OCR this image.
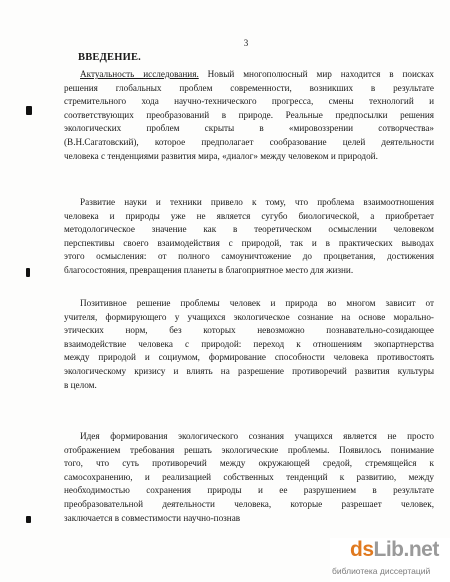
3
ВВЕДЕНИЕ.
Актуальность исследования. Новый многополюсный мир находится в поисках
решения глобальных проблем современности, возникших в результате
стремительного хода научно-технического прогресса, смены технологий и
соответствующих преобразований в природе. Реальные предпосылки решения
экологических проблем скрыты в «мировоззрении сотворчества»
(В.Н.Сагатовский), которое предполагает сообразование целей деятельности
человека с тенденциями развития мира, «диалог» между человеком и природой.
Развитие науки и техники привело к тому, что проблема взаимоотношения
человека и природы уже не является сугубо биологической, а приобретает
методологическое значение как в теоретическом осмыслении человеком
перспективы своего взаимодействия с природой, так и в практических выводах
этого осмысления: от полного самоуничтожение до процветания, достижения
благосостояния, превращения планеты в благоприятное место для жизни.
Позитивное решение проблемы человек и природа во многом зависит от
учителя, формирующего у учащихся экологическое сознание на основе морально-
этических норм, без которых невозможно познавательно-созидающее
взаимодействие человека с природой: переход к отношениям экопартнерства
между природой и социумом, формирование способности человека противостоять
экологическому кризису и влиять на разрешение противоречий развития культуры
в целом.
Идея формирования экологического сознания учащихся является не просто
отображением требования решать экологические проблемы. Появилось понимание
того, что суть противоречий между окружающей средой, стремящейся к
самосохранению, и реализацией собственных тенденций к развитию, между
необходимостью сохранения природы и ее разрушением в результате
преобразовательной деятельности человека, которые разрешает человек,
заключается в совместимости научно-познав
dsLib.net
библиотека диссертаций
